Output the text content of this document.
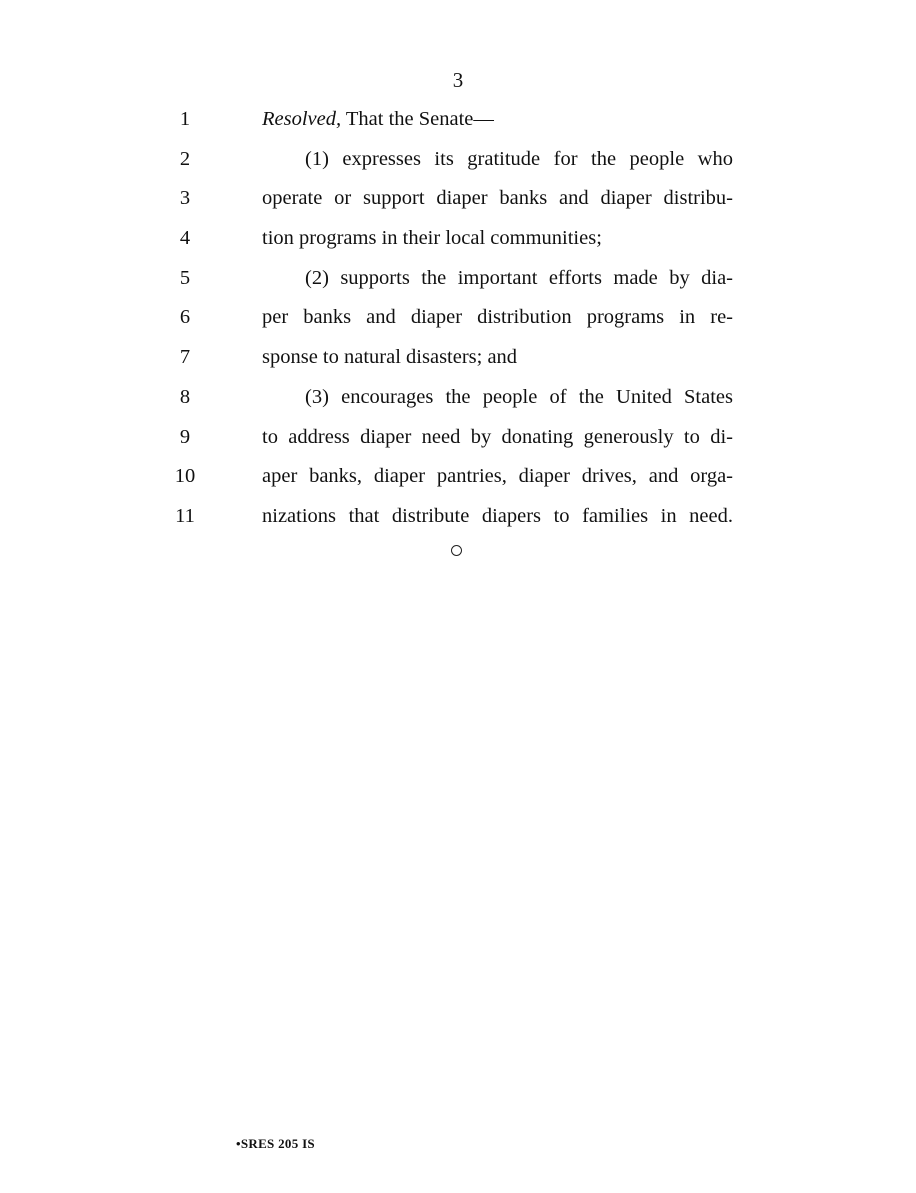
3
1	Resolved, That the Senate—
2	(1) expresses its gratitude for the people who
3	operate or support diaper banks and diaper distribu-
4	tion programs in their local communities;
5	(2) supports the important efforts made by dia-
6	per banks and diaper distribution programs in re-
7	sponse to natural disasters; and
8	(3) encourages the people of the United States
9	to address diaper need by donating generously to di-
10	aper banks, diaper pantries, diaper drives, and orga-
11	nizations that distribute diapers to families in need.
•SRES 205 IS
